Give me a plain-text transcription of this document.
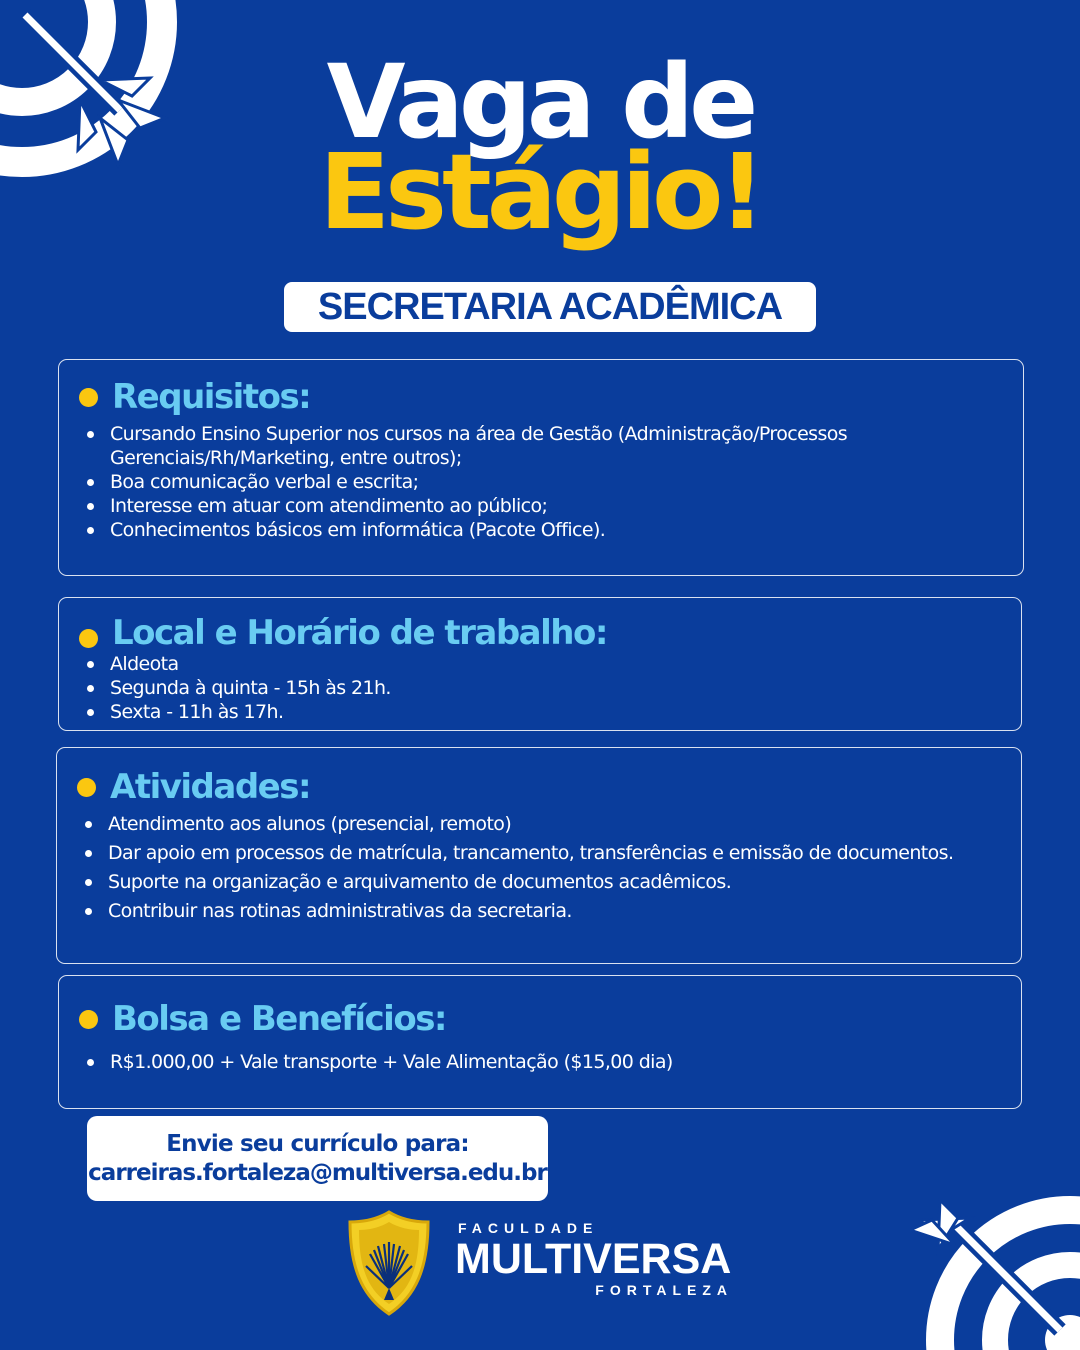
Vaga de
Estágio!
SECRETARIA ACADÊMICA
Requisitos:
Cursando Ensino Superior nos cursos na área de Gestão (Administração/Processos Gerenciais/Rh/Marketing, entre outros);
Boa comunicação verbal e escrita;
Interesse em atuar com atendimento ao público;
Conhecimentos básicos em informática (Pacote Office).
Local e Horário de trabalho:
Aldeota
Segunda à quinta - 15h às 21h.
Sexta - 11h às 17h.
Atividades:
Atendimento aos alunos (presencial, remoto)
Dar apoio em processos de matrícula, trancamento, transferências e emissão de documentos.
Suporte na organização e arquivamento de documentos acadêmicos.
Contribuir nas rotinas administrativas da secretaria.
Bolsa e Benefícios:
R$1.000,00 + Vale transporte + Vale Alimentação ($15,00 dia)
Envie seu currículo para:
carreiras.fortaleza@multiversa.edu.br
FACULDADE
MULTIVERSA
FORTALEZA
